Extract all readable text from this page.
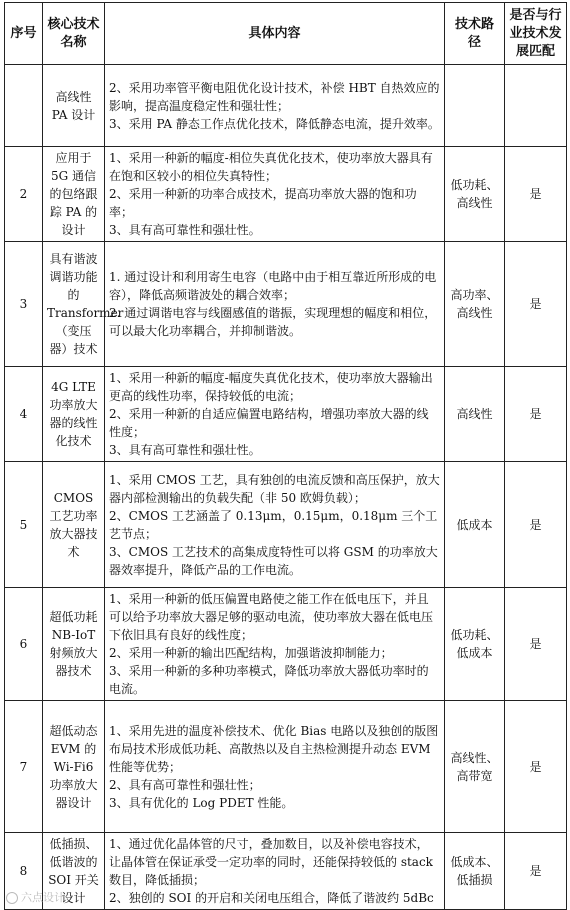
序号	核心技术名称	具体内容	技术路径	是否与行业技术发展匹配
	高线性 PA 设计	2、采用功率管平衡电阻优化设计技术，补偿 HBT 自热效应的影响，提高温度稳定性和强壮性；
3、采用 PA 静态工作点优化技术，降低静态电流，提升效率。		

2	应用于 5G 通信的包络跟踪 PA 的设计	1、采用一种新的幅度-相位失真优化技术，使功率放大器具有在饱和区较小的相位失真特性；
2、采用一种新的功率合成技术，提高功率放大器的饱和功率；
3、具有高可靠性和强壮性。	低功耗、高线性	是
3	具有谐波调谐功能的 Transformer（变压器）技术	1. 通过设计和利用寄生电容（电路中由于相互靠近所形成的电容），降低高频谐波处的耦合效率；
2. 通过调谐电容与线圈感值的谐振，实现理想的幅度和相位，可以最大化功率耦合，并抑制谐波。	高功率、高线性	是
4	4G LTE 功率放大器的线性化技术	1、采用一种新的幅度-幅度失真优化技术，使功率放大器输出更高的线性功率，保持较低的电流；
2、采用一种新的自适应偏置电路结构，增强功率放大器的线性度；
3、具有高可靠性和强壮性。	高线性	是
5	CMOS 工艺功率放大器技术	1、采用 CMOS 工艺，具有独创的电流反馈和高压保护，放大器内部检测输出的负载失配（非 50 欧姆负载）；
2、CMOS 工艺涵盖了 0.13μm，0.15μm，0.18μm 三个工艺节点；
3、CMOS 工艺技术的高集成度特性可以将 GSM 的功率放大器效率提升，降低产品的工作电流。	低成本	是
6	超低功耗 NB-IoT 射频放大器技术	1、采用一种新的低压偏置电路使之能工作在低电压下，并且可以给予功率放大器足够的驱动电流，使功率放大器在低电压下依旧具有良好的线性度；
2、采用一种新的输出匹配结构，加强谐波抑制能力；
3、采用一种新的多种功率模式，降低功率放大器低功率时的电流。	低功耗、低成本	是
7	超低动态 EVM 的 Wi-Fi6 功率放大器设计	1、采用先进的温度补偿技术、优化 Bias 电路以及独创的版图布局技术形成低功耗、高散热以及自主热检测提升动态 EVM 性能等优势；
2、具有高可靠性和强壮性；
3、具有优化的 Log PDET 性能。	高线性、高带宽	是
8	低插损、低谐波的 SOI 开关设计	1、通过优化晶体管的尺寸，叠加数目，以及补偿电容技术，让晶体管在保证承受一定功率的同时，还能保持较低的 stack 数目，降低插损；
2、独创的 SOI 的开启和关闭电压组合，降低了谐波约 5dBc	低成本、低插损	是
六点设计
